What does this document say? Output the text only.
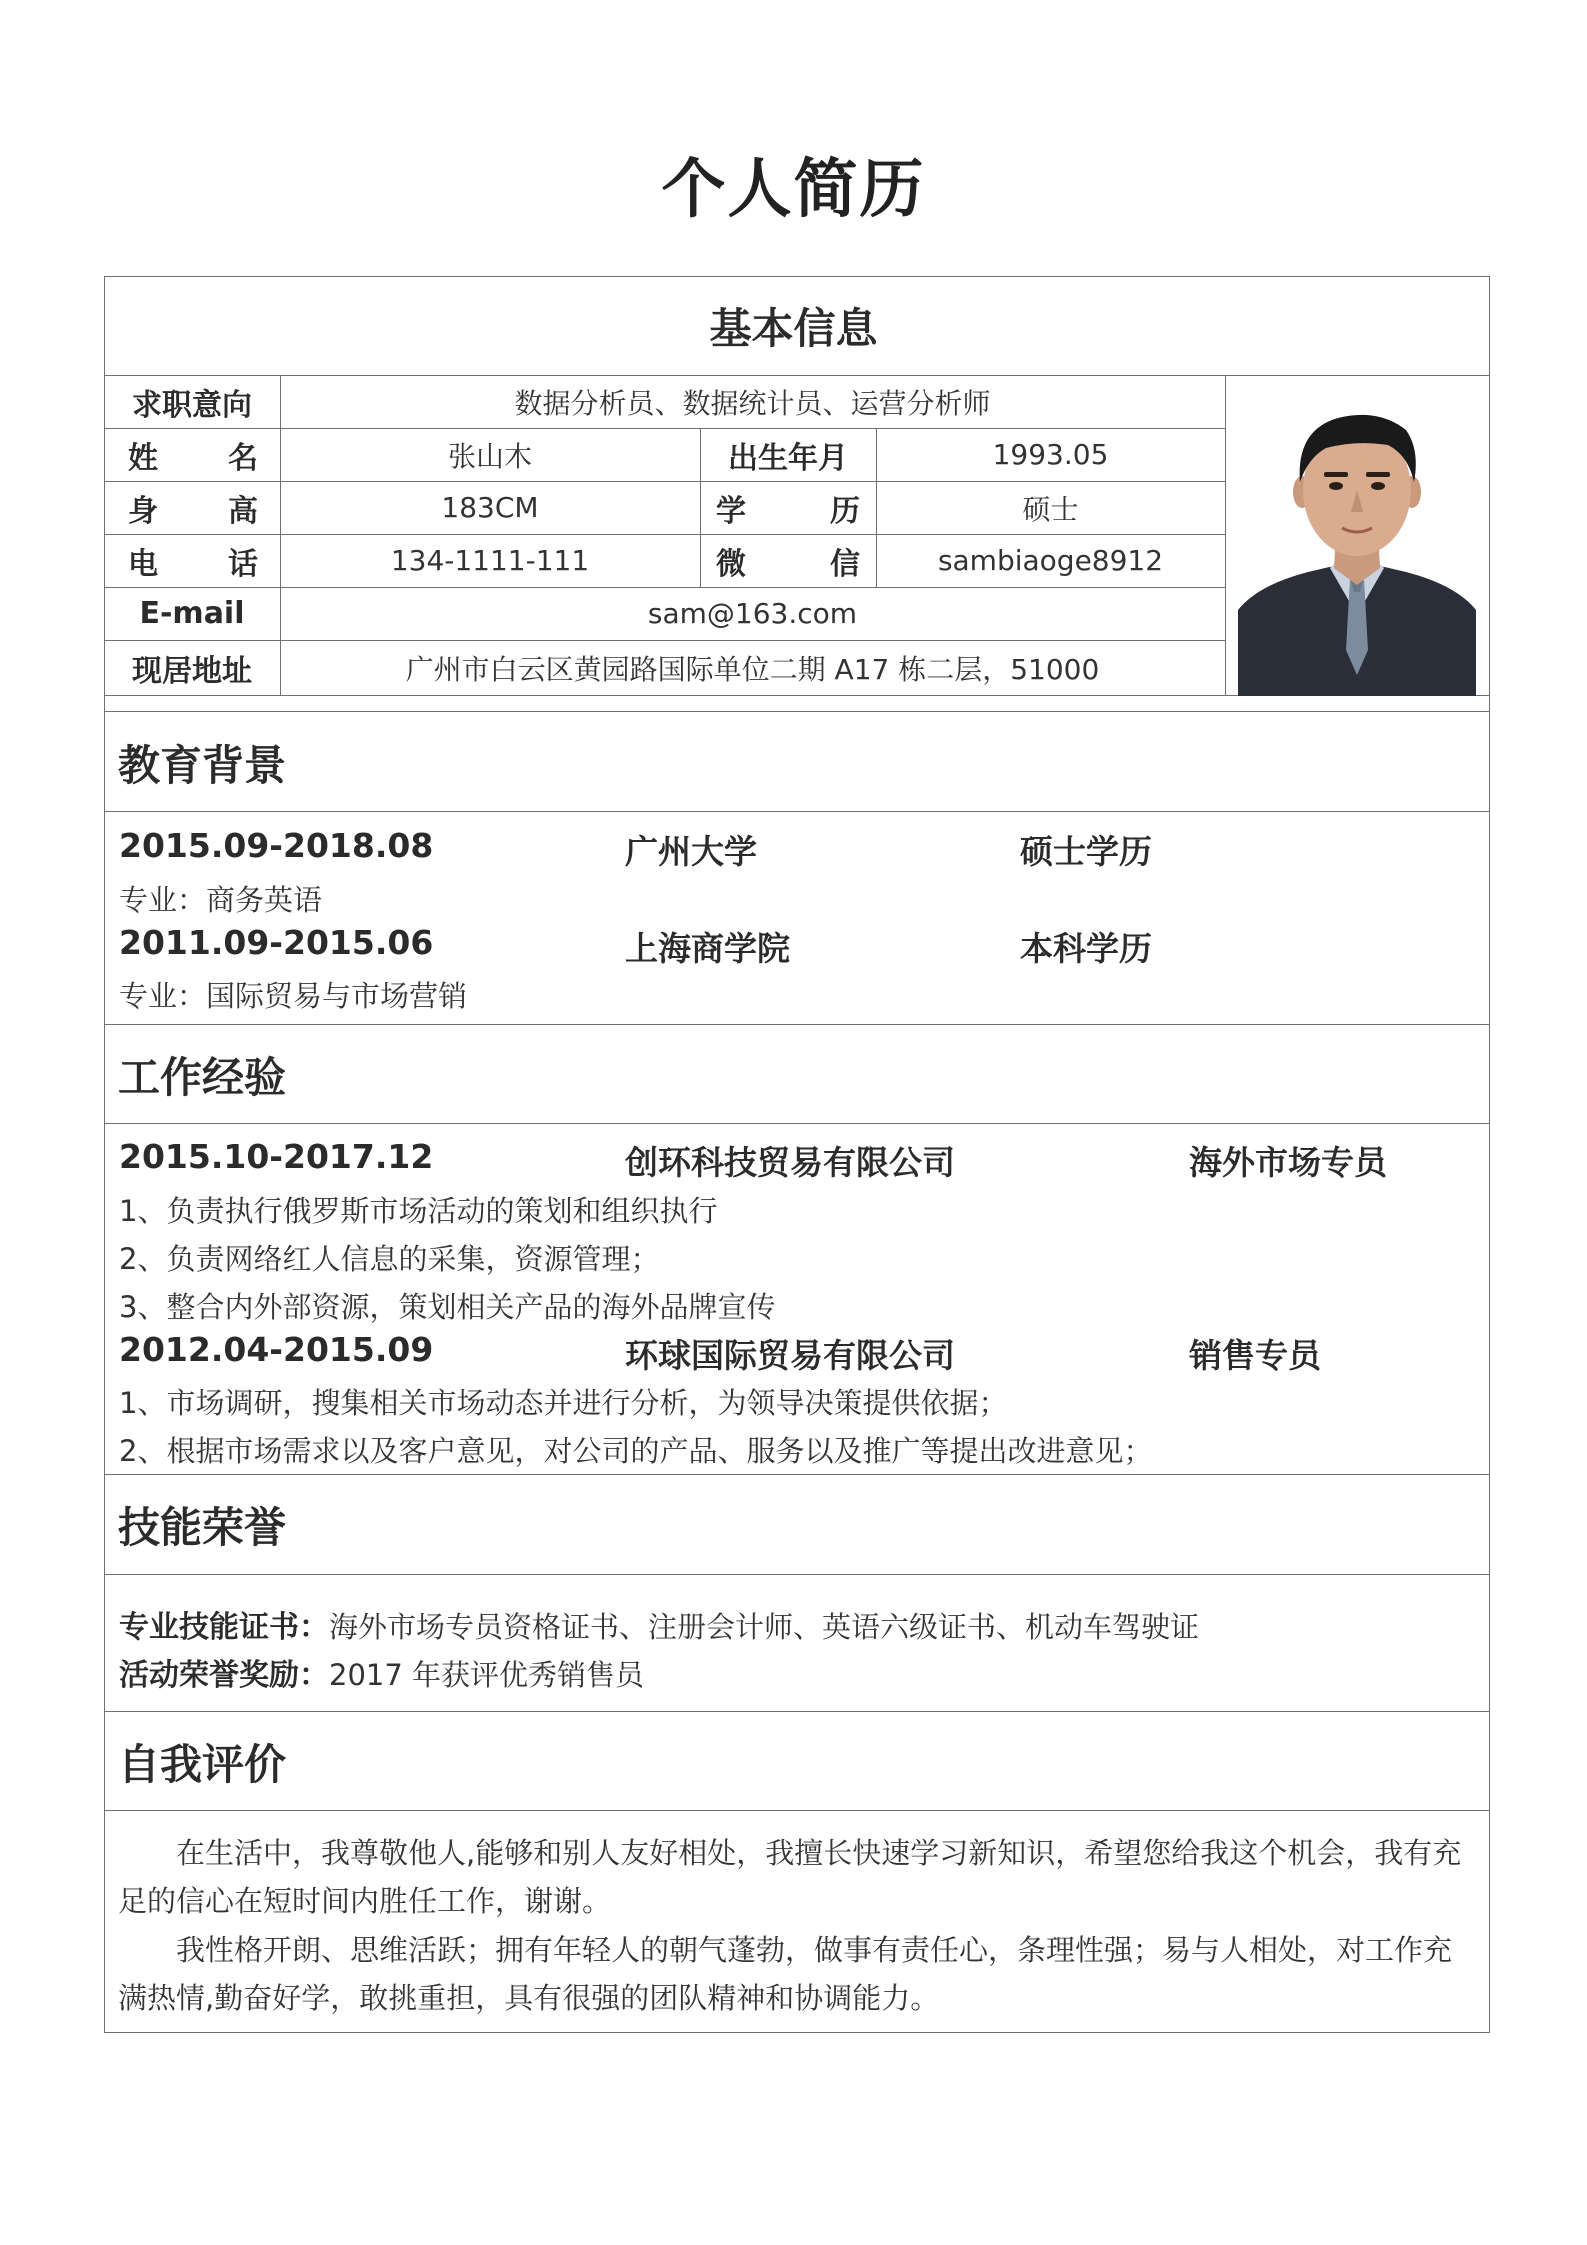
个人简历
基本信息
求职意向	数据分析员、数据统计员、运营分析师
姓 名	张山木	出生年月	1993.05
身 高	183CM	学	历	硕士
电 话	134-1111-111	微	信	sambiaoge8912
E-mail	sam@163.com
现居地址	广州市白云区黄园路国际单位二期 A17 栋二层，51000
教育背景
2015.09-2018.08	广州大学	硕士学历
专业：商务英语
2011.09-2015.06	上海商学院	本科学历
专业：国际贸易与市场营销
工作经验
2015.10-2017.12	创环科技贸易有限公司	海外市场专员
1、负责执行俄罗斯市场活动的策划和组织执行
2、负责网络红人信息的采集，资源管理；
3、整合内外部资源，策划相关产品的海外品牌宣传
2012.04-2015.09	环球国际贸易有限公司	销售专员
1、市场调研，搜集相关市场动态并进行分析，为领导决策提供依据；
2、根据市场需求以及客户意见，对公司的产品、服务以及推广等提出改进意见；
技能荣誉
专业技能证书：海外市场专员资格证书、注册会计师、英语六级证书、机动车驾驶证
活动荣誉奖励：2017 年获评优秀销售员
自我评价

在生活中，我尊敬他人,能够和别人友好相处，我擅长快速学习新知识，希望您给我这个机会，我有充足的信心在短时间内胜任工作，谢谢。

我性格开朗、思维活跃；拥有年轻人的朝气蓬勃，做事有责任心，条理性强；易与人相处，对工作充满热情,勤奋好学，敢挑重担，具有很强的团队精神和协调能力。
